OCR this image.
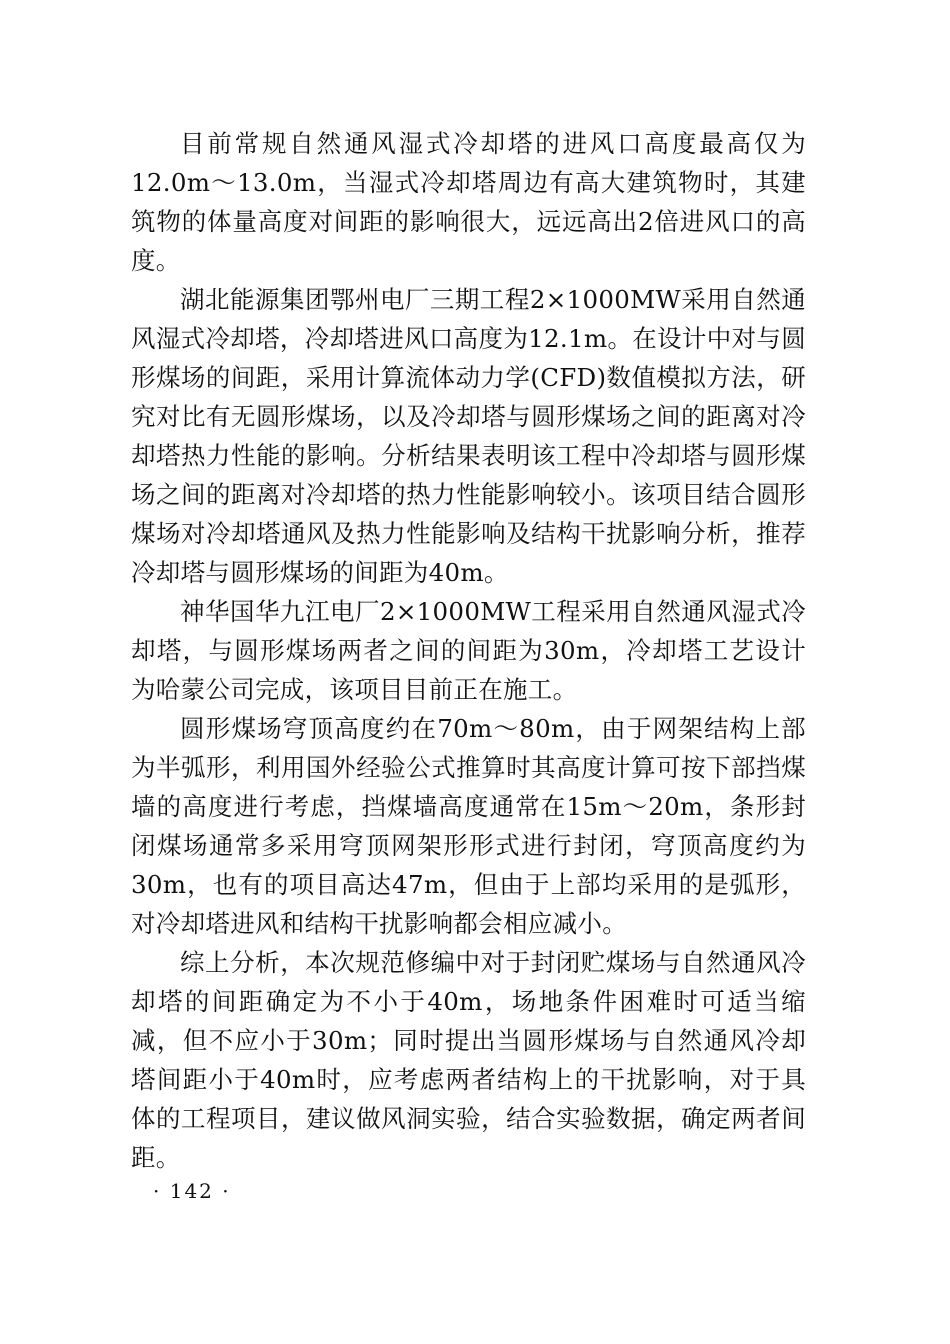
目前常规自然通风湿式冷却塔的进风口高度最高仅为12.0m～13.0m，当湿式冷却塔周边有高大建筑物时，其建筑物的体量高度对间距的影响很大，远远高出2倍进风口的高度。

湖北能源集团鄂州电厂三期工程2×1000MW采用自然通风湿式冷却塔，冷却塔进风口高度为12.1m。在设计中对与圆形煤场的间距，采用计算流体动力学(CFD)数值模拟方法，研究对比有无圆形煤场，以及冷却塔与圆形煤场之间的距离对冷却塔热力性能的影响。分析结果表明该工程中冷却塔与圆形煤场之间的距离对冷却塔的热力性能影响较小。该项目结合圆形煤场对冷却塔通风及热力性能影响及结构干扰影响分析，推荐冷却塔与圆形煤场的间距为40m。

神华国华九江电厂2×1000MW工程采用自然通风湿式冷却塔，与圆形煤场两者之间的间距为30m，冷却塔工艺设计为哈蒙公司完成，该项目目前正在施工。

圆形煤场穹顶高度约在70m～80m，由于网架结构上部为半弧形，利用国外经验公式推算时其高度计算可按下部挡煤墙的高度进行考虑，挡煤墙高度通常在15m～20m，条形封闭煤场通常多采用穹顶网架形形式进行封闭，穹顶高度约为30m，也有的项目高达47m，但由于上部均采用的是弧形，对冷却塔进风和结构干扰影响都会相应减小。

综上分析，本次规范修编中对于封闭贮煤场与自然通风冷却塔的间距确定为不小于40m，场地条件困难时可适当缩减，但不应小于30m；同时提出当圆形煤场与自然通风冷却塔间距小于40m时，应考虑两者结构上的干扰影响，对于具体的工程项目，建议做风洞实验，结合实验数据，确定两者间距。

· 142 ·
